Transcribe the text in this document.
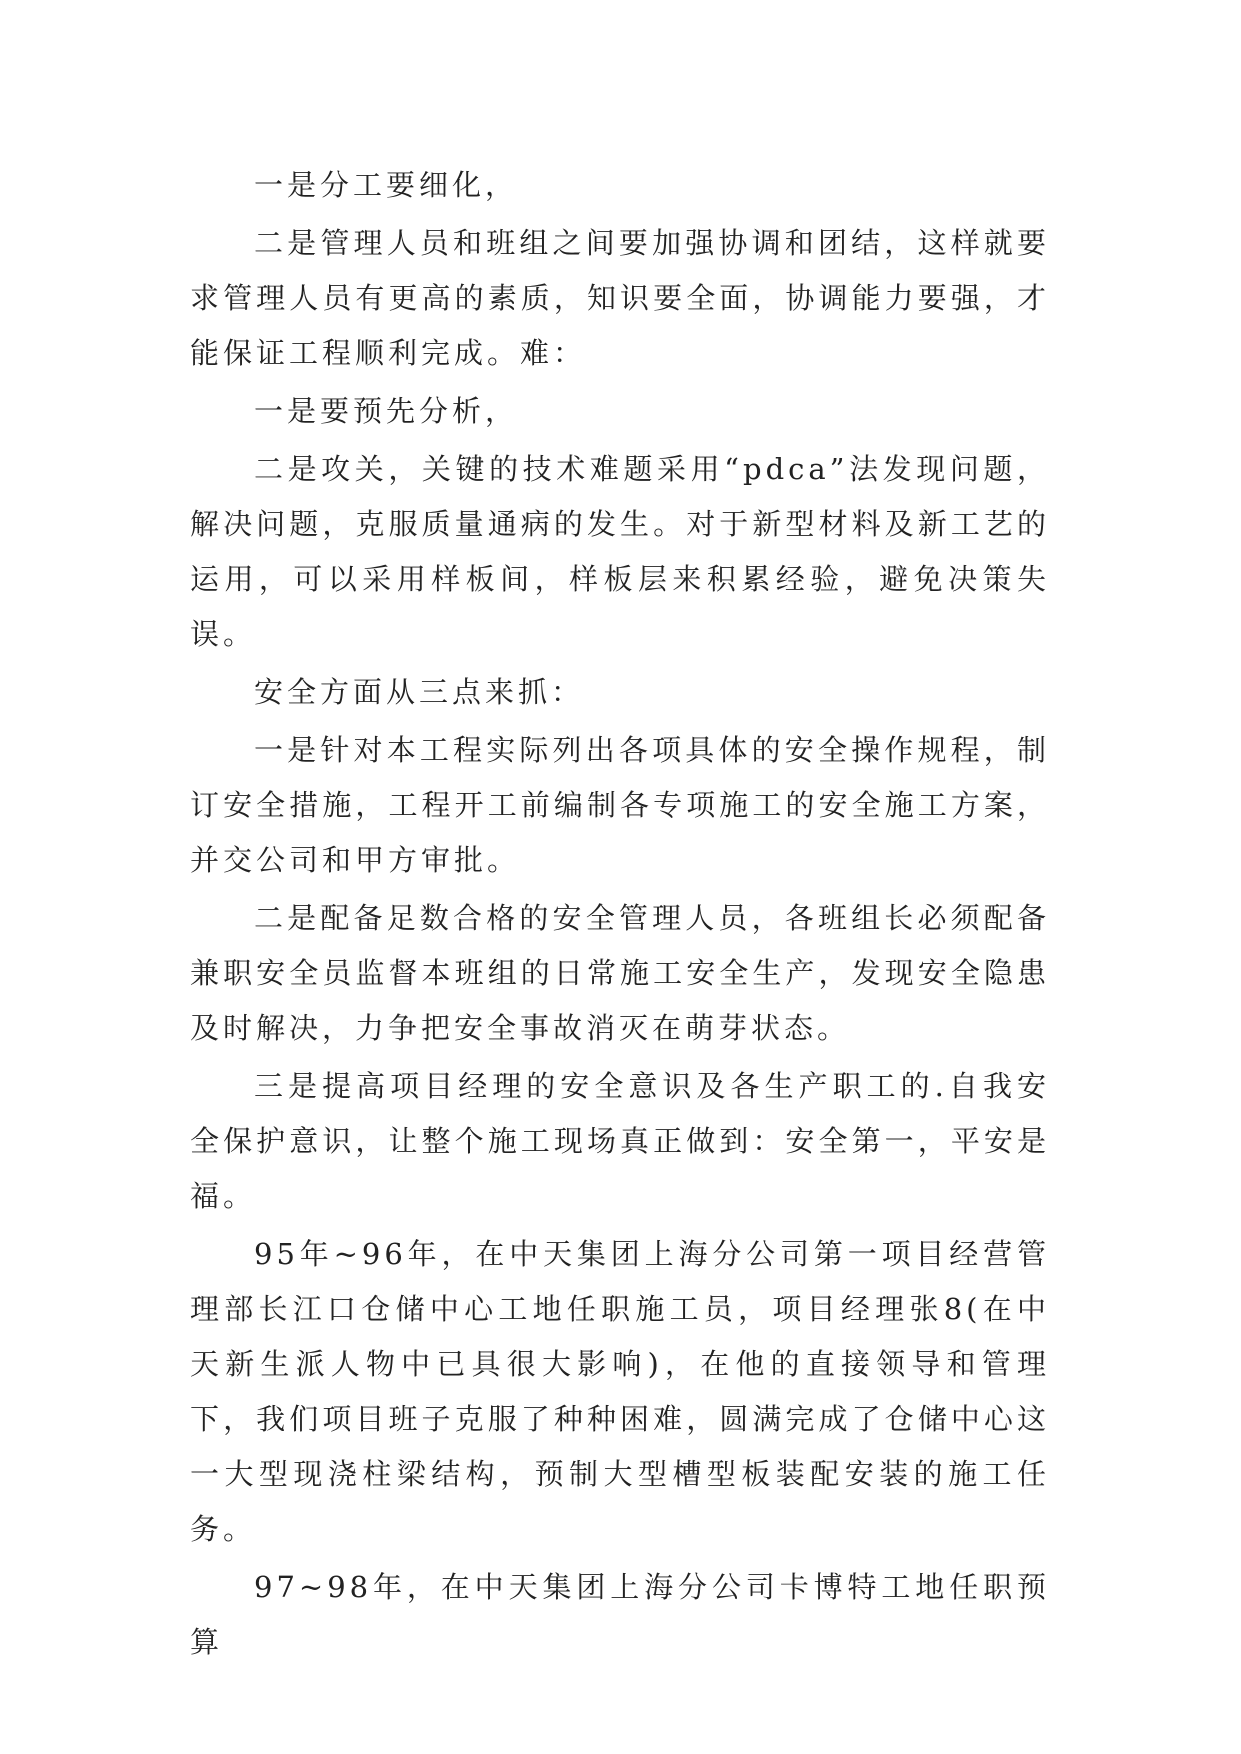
一是分工要细化，

二是管理人员和班组之间要加强协调和团结，这样就要求管理人员有更高的素质，知识要全面，协调能力要强，才能保证工程顺利完成。难：

一是要预先分析，

二是攻关，关键的技术难题采用“pdca”法发现问题，解决问题，克服质量通病的发生。对于新型材料及新工艺的运用，可以采用样板间，样板层来积累经验，避免决策失误。

安全方面从三点来抓：

一是针对本工程实际列出各项具体的安全操作规程，制订安全措施，工程开工前编制各专项施工的安全施工方案，并交公司和甲方审批。

二是配备足数合格的安全管理人员，各班组长必须配备兼职安全员监督本班组的日常施工安全生产，发现安全隐患及时解决，力争把安全事故消灭在萌芽状态。

三是提高项目经理的安全意识及各生产职工的.自我安全保护意识，让整个施工现场真正做到：安全第一，平安是福。

95年~96年，在中天集团上海分公司第一项目经营管理部长江口仓储中心工地任职施工员，项目经理张8(在中天新生派人物中已具很大影响)，在他的直接领导和管理下，我们项目班子克服了种种困难，圆满完成了仓储中心这一大型现浇柱梁结构，预制大型槽型板装配安装的施工任务。

97~98年，在中天集团上海分公司卡博特工地任职预算
